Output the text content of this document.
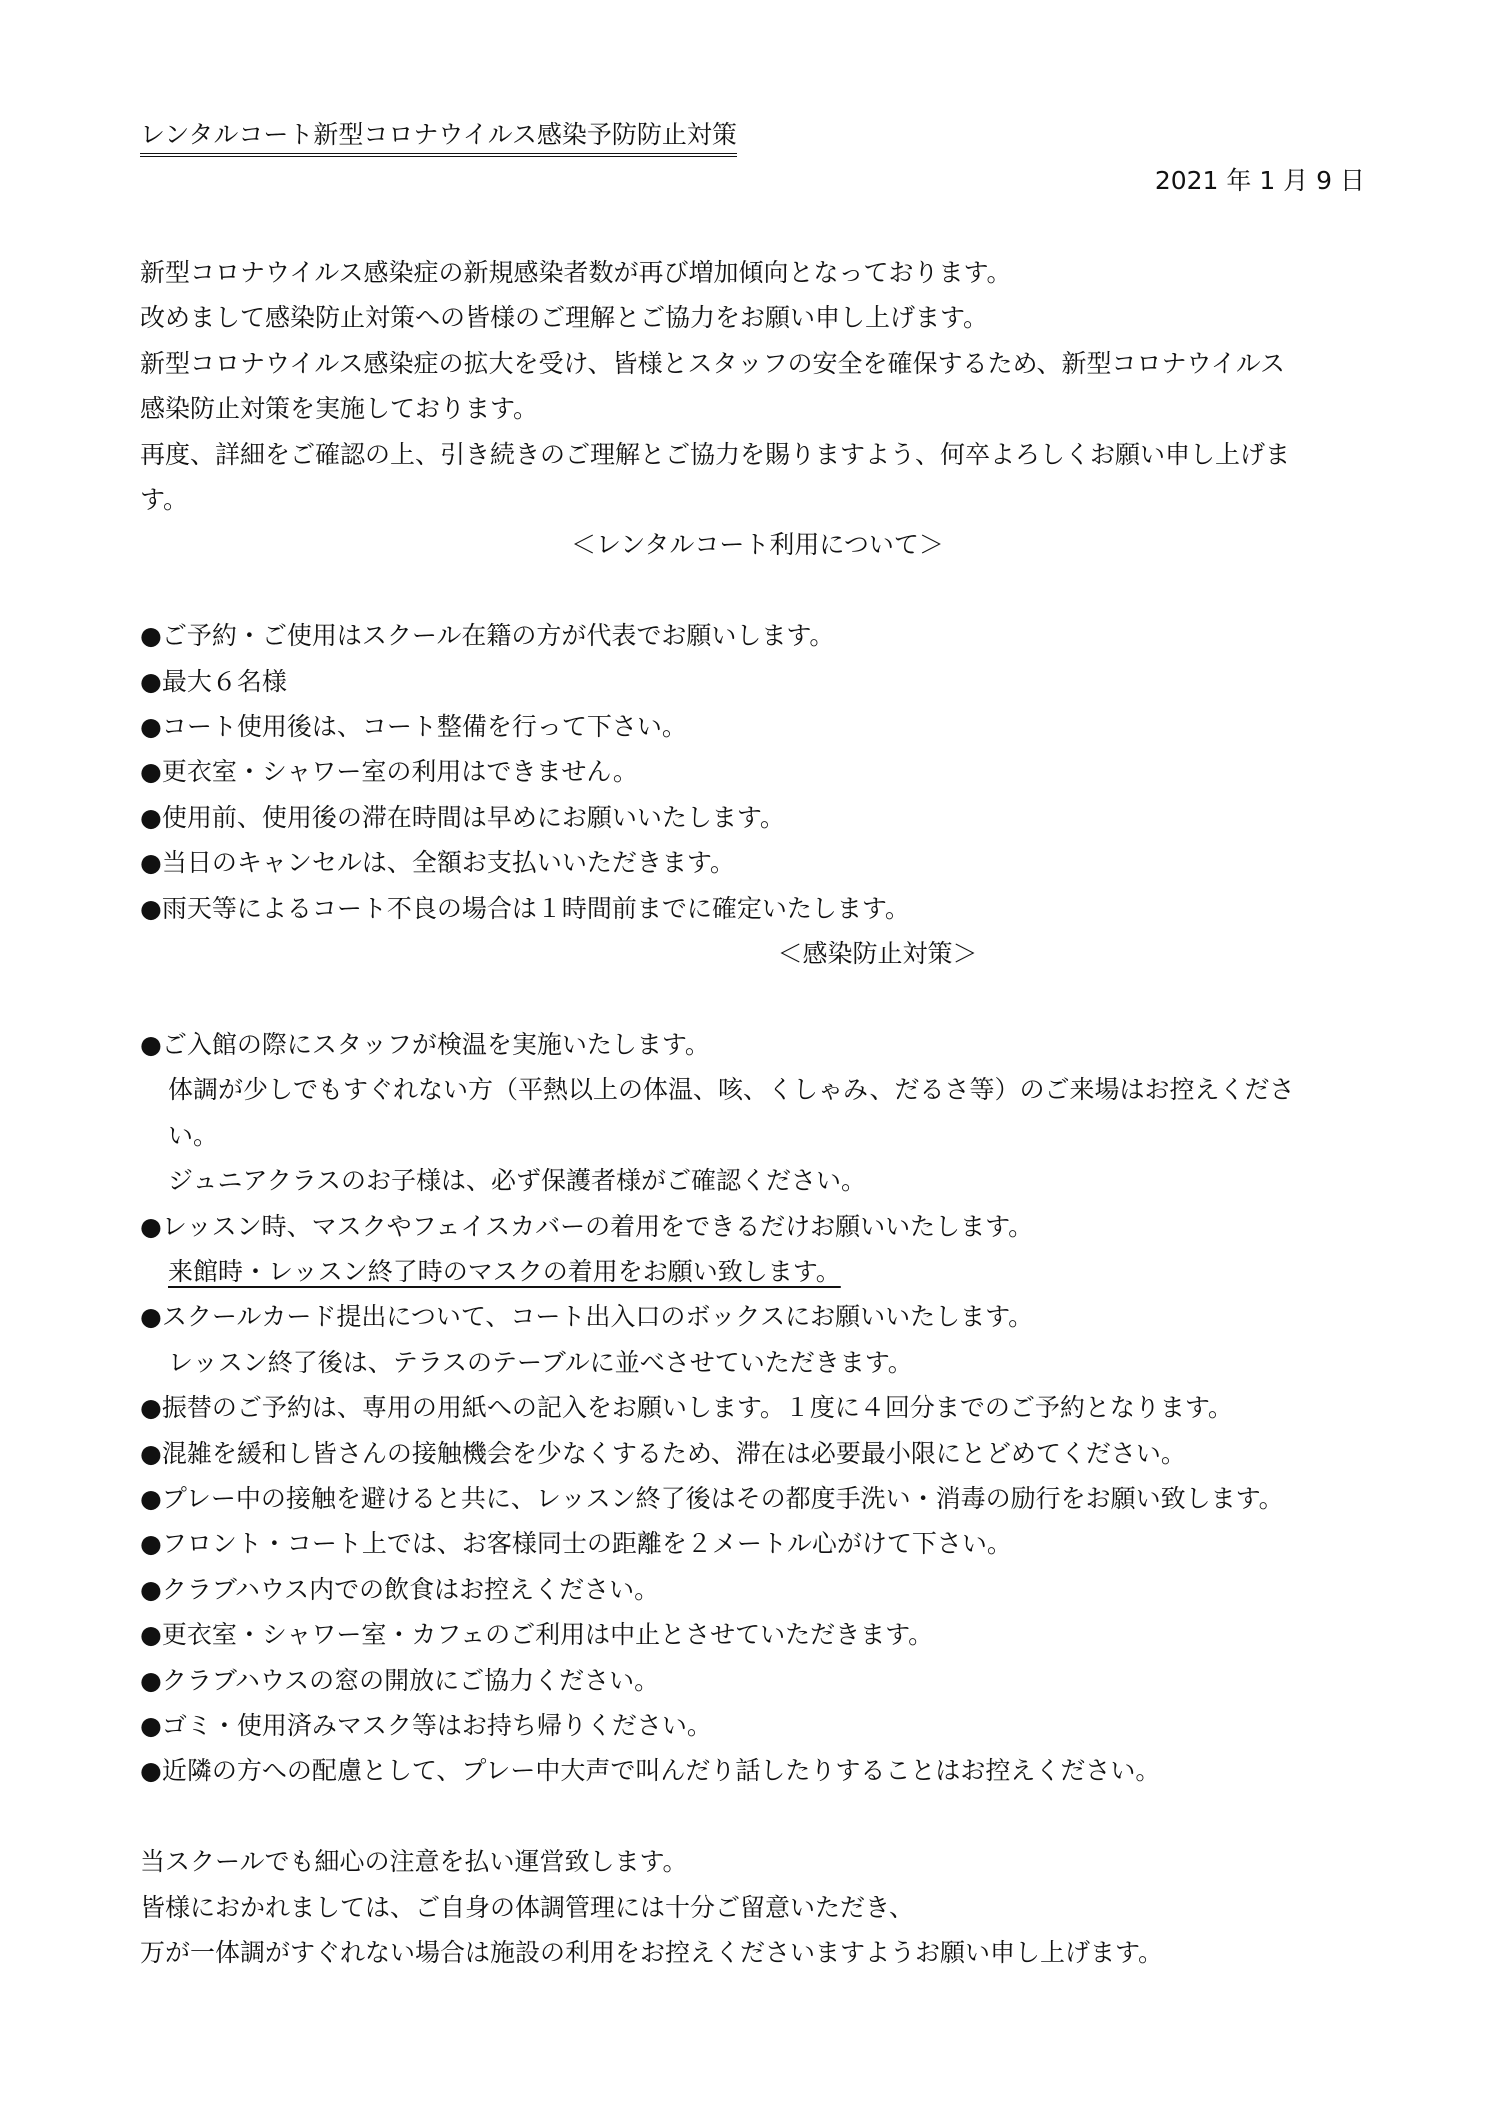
レンタルコート新型コロナウイルス感染予防防止対策
2021 年 1 月 9 日
新型コロナウイルス感染症の新規感染者数が再び増加傾向となっております。
改めまして感染防止対策への皆様のご理解とご協力をお願い申し上げます。
新型コロナウイルス感染症の拡大を受け、皆様とスタッフの安全を確保するため、新型コロナウイルス
感染防止対策を実施しております。
再度、詳細をご確認の上、引き続きのご理解とご協力を賜りますよう、何卒よろしくお願い申し上げま
す。
＜レンタルコート利用について＞
●ご予約・ご使用はスクール在籍の方が代表でお願いします。
●最大６名様
●コート使用後は、コート整備を行って下さい。
●更衣室・シャワー室の利用はできません。
●使用前、使用後の滞在時間は早めにお願いいたします。
●当日のキャンセルは、全額お支払いいただきます。
●雨天等によるコート不良の場合は１時間前までに確定いたします。
＜感染防止対策＞
●ご入館の際にスタッフが検温を実施いたします。
体調が少しでもすぐれない方（平熱以上の体温、咳、くしゃみ、だるさ等）のご来場はお控えくださ
い。
ジュニアクラスのお子様は、必ず保護者様がご確認ください。
●レッスン時、マスクやフェイスカバーの着用をできるだけお願いいたします。
来館時・レッスン終了時のマスクの着用をお願い致します。
●スクールカード提出について、コート出入口のボックスにお願いいたします。
レッスン終了後は、テラスのテーブルに並べさせていただきます。
●振替のご予約は、専用の用紙への記入をお願いします。１度に４回分までのご予約となります。
●混雑を緩和し皆さんの接触機会を少なくするため、滞在は必要最小限にとどめてください。
●プレー中の接触を避けると共に、レッスン終了後はその都度手洗い・消毒の励行をお願い致します。
●フロント・コート上では、お客様同士の距離を２メートル心がけて下さい。
●クラブハウス内での飲食はお控えください。
●更衣室・シャワー室・カフェのご利用は中止とさせていただきます。
●クラブハウスの窓の開放にご協力ください。
●ゴミ・使用済みマスク等はお持ち帰りください。
●近隣の方への配慮として、プレー中大声で叫んだり話したりすることはお控えください。
当スクールでも細心の注意を払い運営致します。
皆様におかれましては、ご自身の体調管理には十分ご留意いただき、
万が一体調がすぐれない場合は施設の利用をお控えくださいますようお願い申し上げます。
